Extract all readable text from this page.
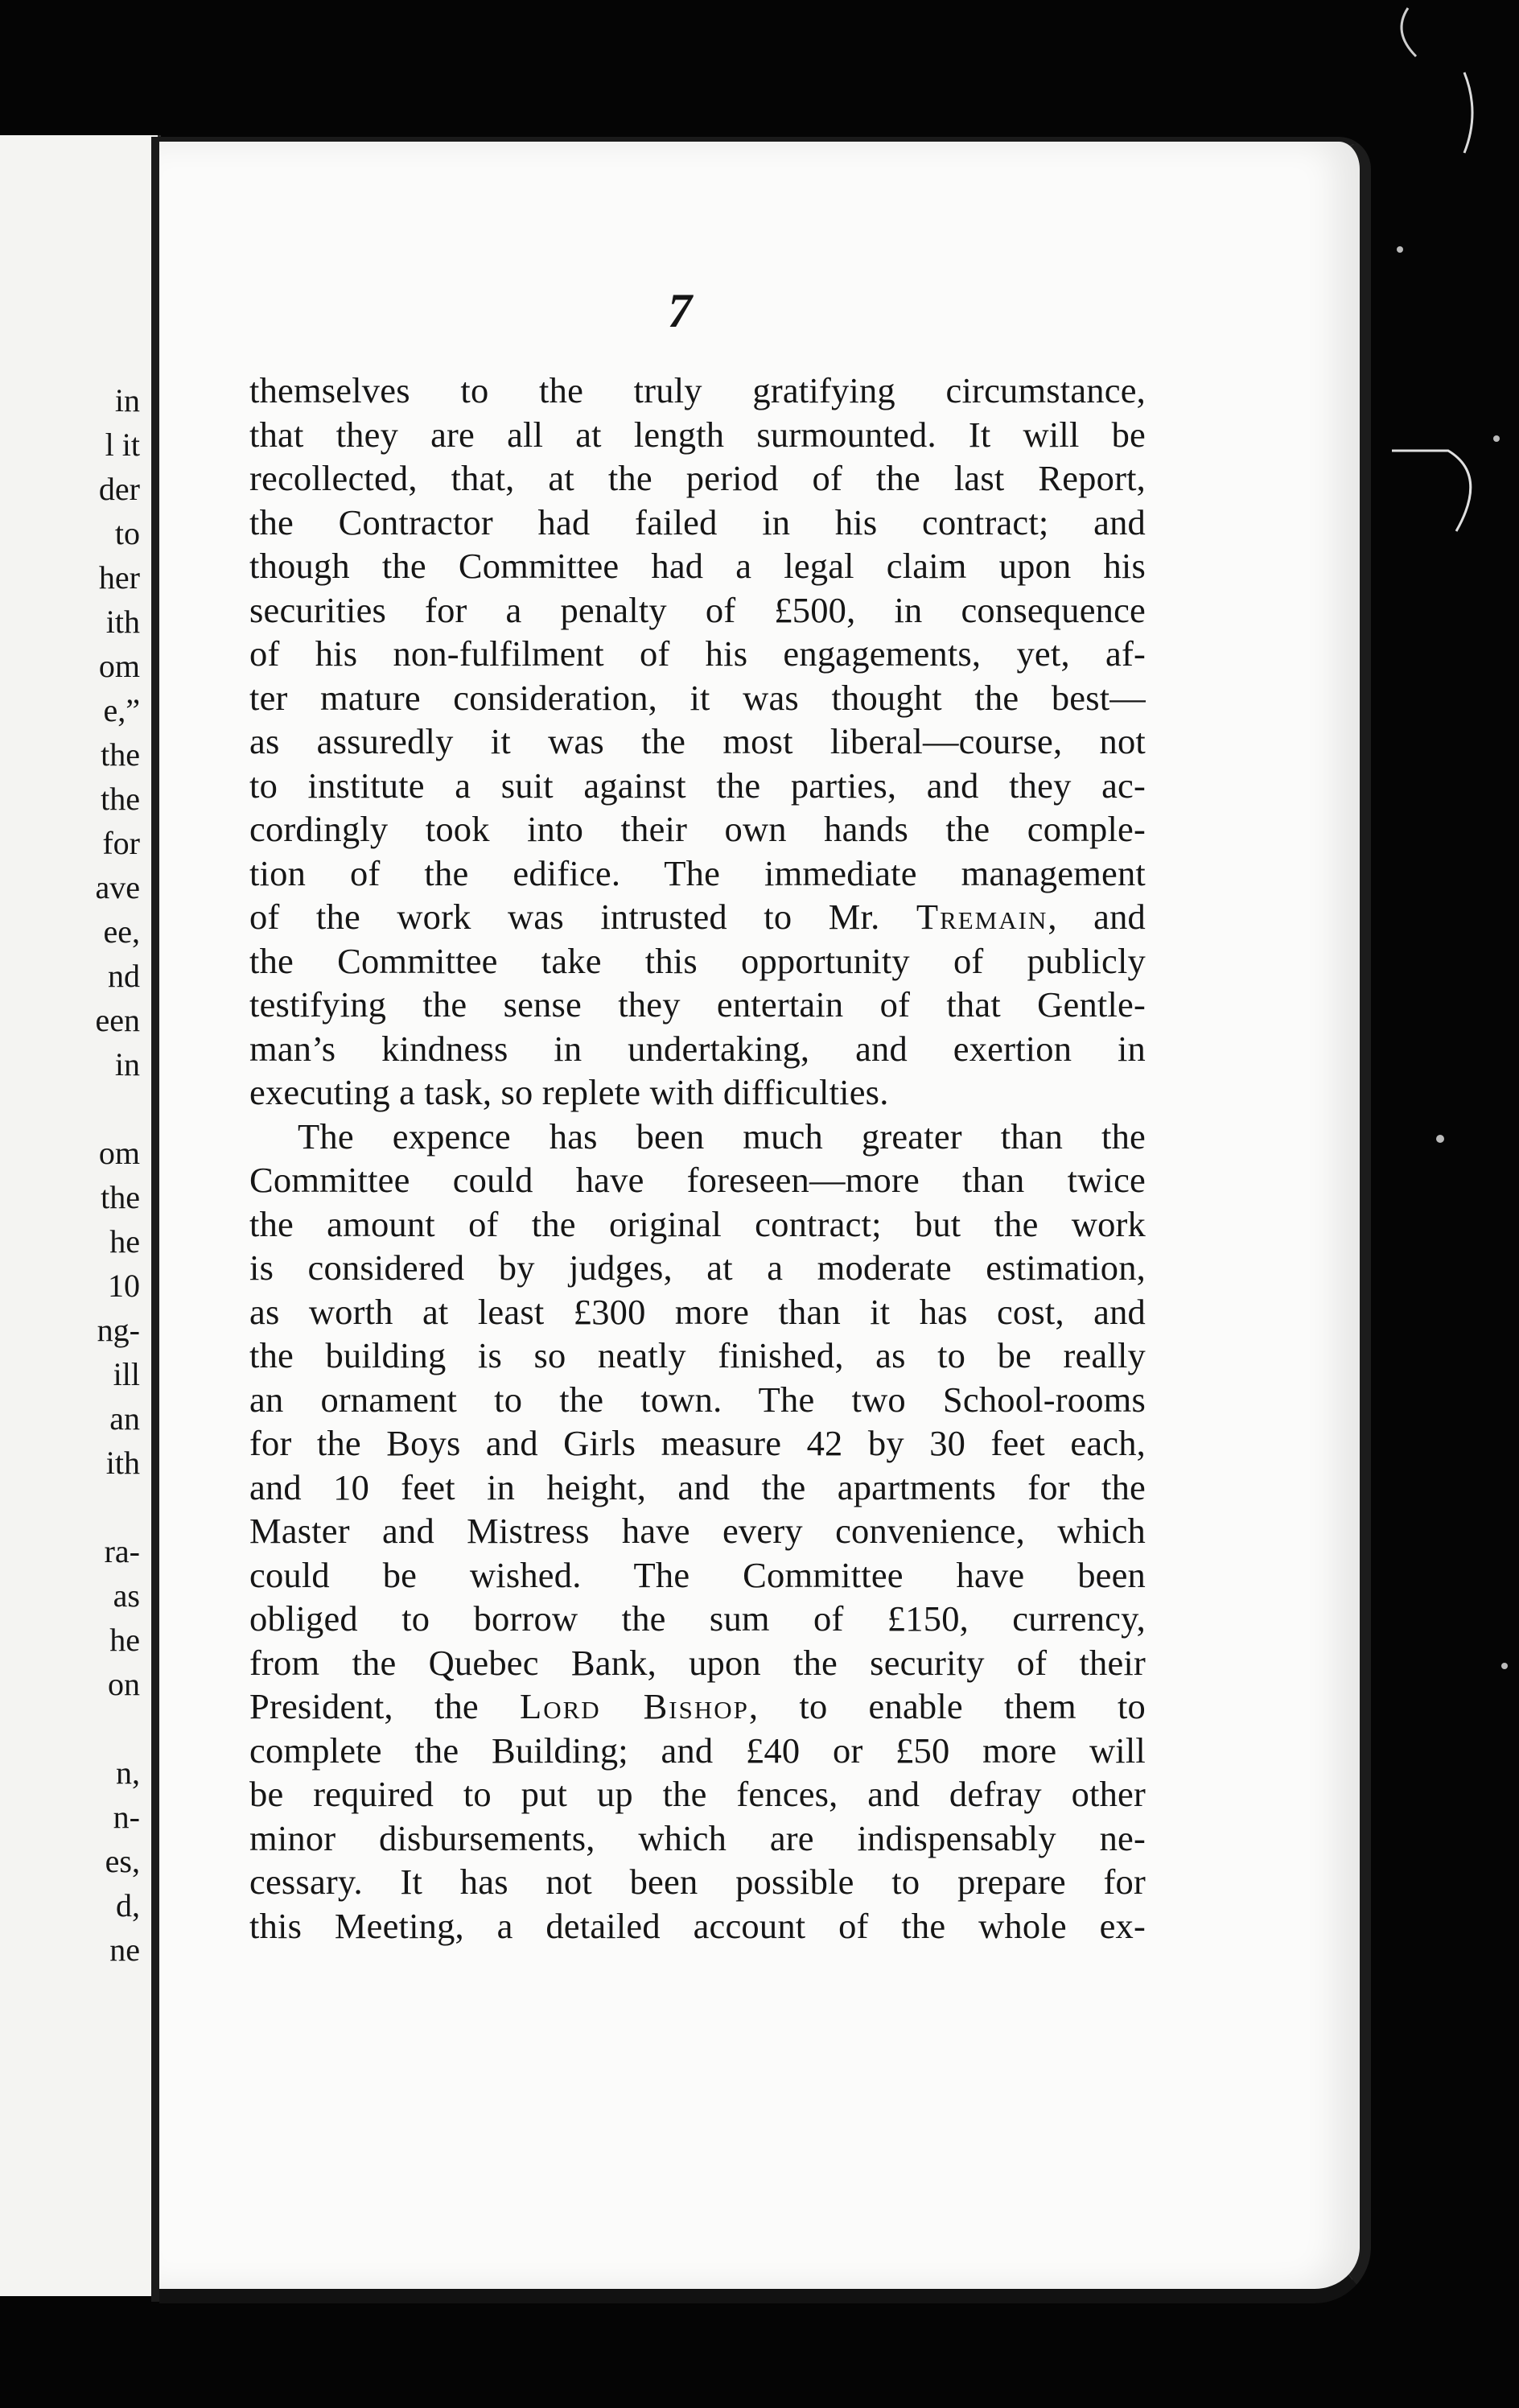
in
l it
der
to
her
ith
om
e,”
the
the
for
ave
ee,
nd
een
in
om
the
he
10
ng-
ill
an
ith
ra-
as
he
on
n,
n-
es,
d,
ne
7
themselves to the truly gratifying circumstance,
that they are all at length surmounted. It will be
recollected, that, at the period of the last Report,
the Contractor had failed in his contract; and
though the Committee had a legal claim upon his
securities for a penalty of £500, in consequence
of his non-fulfilment of his engagements, yet, af-
ter mature consideration, it was thought the best—
as assuredly it was the most liberal—course, not
to institute a suit against the parties, and they ac-
cordingly took into their own hands the comple-
tion of the edifice. The immediate management
of the work was intrusted to Mr. Tremain, and
the Committee take this opportunity of publicly
testifying the sense they entertain of that Gentle-
man’s kindness in undertaking, and exertion in
executing a task, so replete with difficulties.
The expence has been much greater than the
Committee could have foreseen—more than twice
the amount of the original contract; but the work
is considered by judges, at a moderate estimation,
as worth at least £300 more than it has cost, and
the building is so neatly finished, as to be really
an ornament to the town. The two School-rooms
for the Boys and Girls measure 42 by 30 feet each,
and 10 feet in height, and the apartments for the
Master and Mistress have every convenience, which
could be wished. The Committee have been
obliged to borrow the sum of £150, currency,
from the Quebec Bank, upon the security of their
President, the Lord Bishop, to enable them to
complete the Building; and £40 or £50 more will
be required to put up the fences, and defray other
minor disbursements, which are indispensably ne-
cessary. It has not been possible to prepare for
this Meeting, a detailed account of the whole ex-
